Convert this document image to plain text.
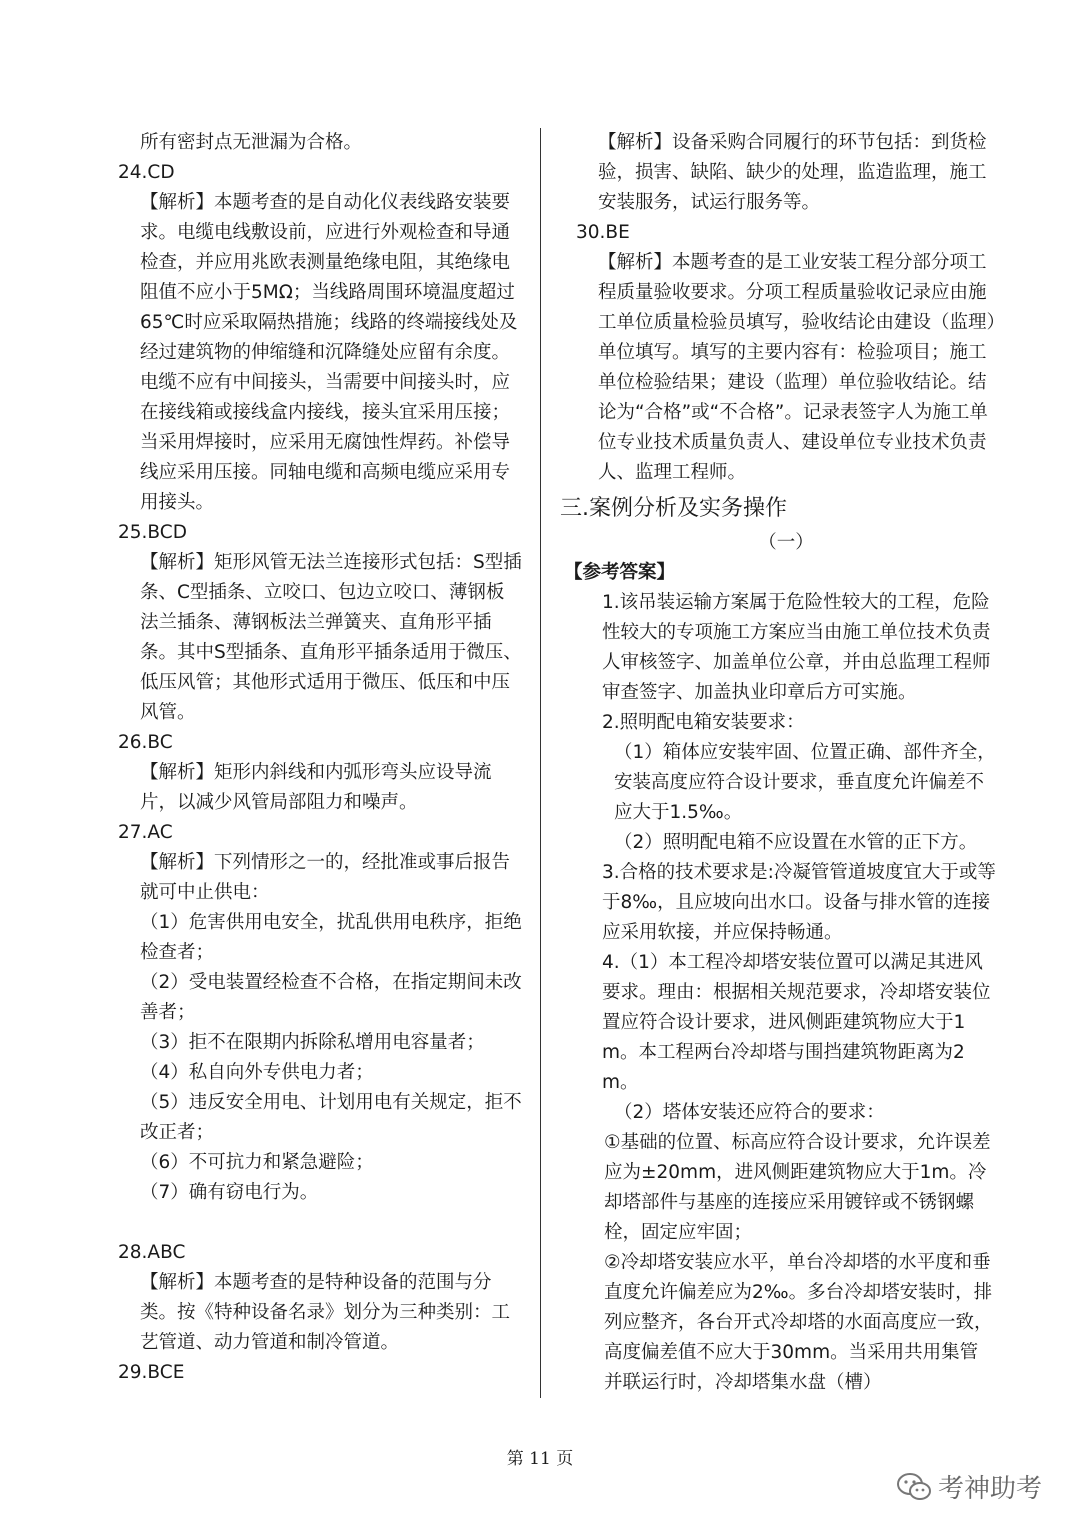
所有密封点无泄漏为合格。
24.CD
【解析】本题考查的是自动化仪表线路安装要求。电缆电线敷设前，应进行外观检查和导通检查，并应用兆欧表测量绝缘电阻，其绝缘电阻值不应小于5MΩ；当线路周围环境温度超过65℃时应采取隔热措施；线路的终端接线处及经过建筑物的伸缩缝和沉降缝处应留有余度。电缆不应有中间接头，当需要中间接头时，应在接线箱或接线盒内接线，接头宜采用压接；当采用焊接时，应采用无腐蚀性焊药。补偿导线应采用压接。同轴电缆和高频电缆应采用专用接头。
25.BCD
【解析】矩形风管无法兰连接形式包括：S型插条、C型插条、立咬口、包边立咬口、薄钢板法兰插条、薄钢板法兰弹簧夹、直角形平插条。其中S型插条、直角形平插条适用于微压、低压风管；其他形式适用于微压、低压和中压风管。
26.BC
【解析】矩形内斜线和内弧形弯头应设导流片，以减少风管局部阻力和噪声。
27.AC
【解析】下列情形之一的，经批准或事后报告就可中止供电：
（1）危害供用电安全，扰乱供用电秩序，拒绝检查者；
（2）受电装置经检查不合格，在指定期间未改善者；
（3）拒不在限期内拆除私增用电容量者；
（4）私自向外专供电力者；
（5）违反安全用电、计划用电有关规定，拒不改正者；
（6）不可抗力和紧急避险；
（7）确有窃电行为。
28.ABC
【解析】本题考查的是特种设备的范围与分类。按《特种设备名录》划分为三种类别：工艺管道、动力管道和制冷管道。
29.BCE
【解析】设备采购合同履行的环节包括：到货检验，损害、缺陷、缺少的处理，监造监理，施工安装服务，试运行服务等。
30.BE
【解析】本题考查的是工业安装工程分部分项工程质量验收要求。分项工程质量验收记录应由施工单位质量检验员填写，验收结论由建设（监理）单位填写。填写的主要内容有：检验项目；施工单位检验结果；建设（监理）单位验收结论。结论为“合格”或“不合格”。记录表签字人为施工单位专业技术质量负责人、建设单位专业技术负责人、监理工程师。
三.案例分析及实务操作
（一）
【参考答案】
1.该吊装运输方案属于危险性较大的工程，危险性较大的专项施工方案应当由施工单位技术负责人审核签字、加盖单位公章，并由总监理工程师审查签字、加盖执业印章后方可实施。
2.照明配电箱安装要求：
（1）箱体应安装牢固、位置正确、部件齐全，安装高度应符合设计要求，垂直度允许偏差不应大于1.5‰。
（2）照明配电箱不应设置在水管的正下方。
3.合格的技术要求是:冷凝管管道坡度宜大于或等于8‰，且应坡向出水口。设备与排水管的连接应采用软接，并应保持畅通。
4.（1）本工程冷却塔安装位置可以满足其进风要求。理由：根据相关规范要求，冷却塔安装位置应符合设计要求，进风侧距建筑物应大于1m。本工程两台冷却塔与围挡建筑物距离为2m。
（2）塔体安装还应符合的要求：
①基础的位置、标高应符合设计要求，允许误差应为±20mm，进风侧距建筑物应大于1m。冷却塔部件与基座的连接应采用镀锌或不锈钢螺栓，固定应牢固；
②冷却塔安装应水平，单台冷却塔的水平度和垂直度允许偏差应为2‰。多台冷却塔安装时，排列应整齐，各台开式冷却塔的水面高度应一致，高度偏差值不应大于30mm。当采用共用集管并联运行时，冷却塔集水盘（槽）
第 11 页
考神助考
